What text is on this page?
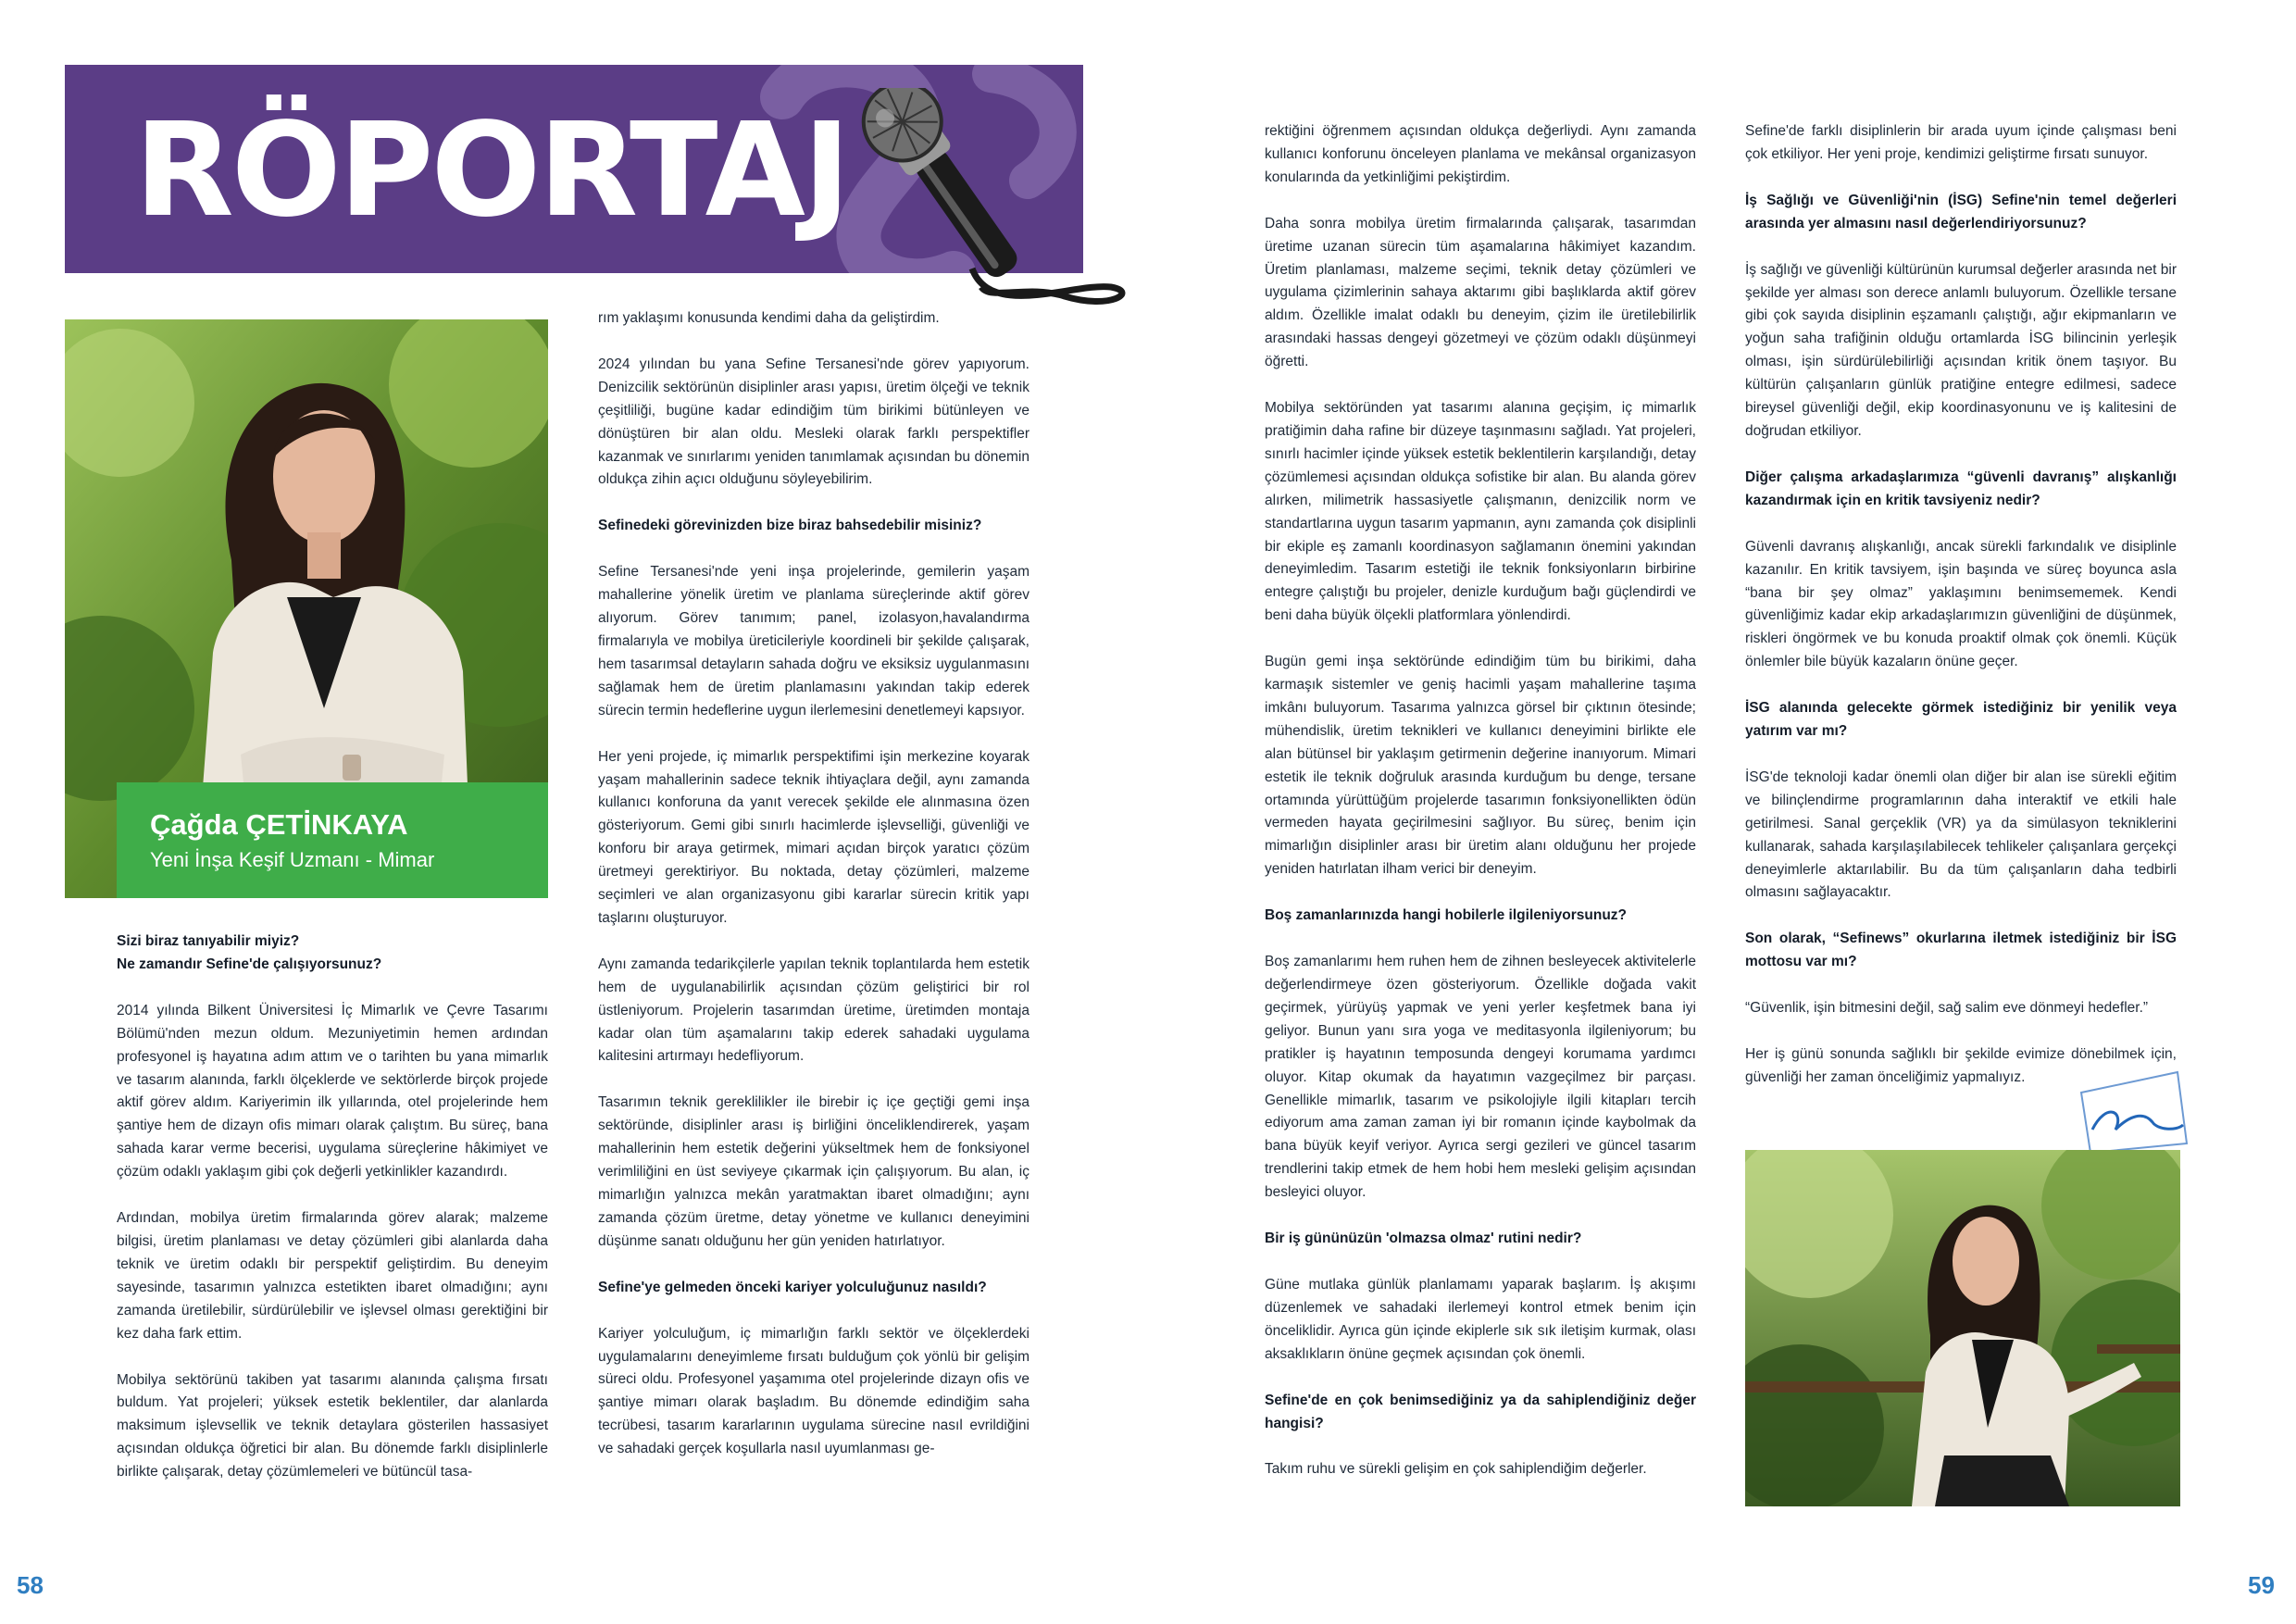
RÖPORTAJ
Çağda ÇETİNKAYA
Yeni İnşa Keşif Uzmanı - Mimar

Sizi biraz tanıyabilir miyiz?
Ne zamandır Sefine'de çalışıyorsunuz?

2014 yılında Bilkent Üniversitesi İç Mimarlık ve Çevre Tasarımı Bölümü'nden mezun oldum. Mezuniyetimin hemen ardından profesyonel iş hayatına adım attım ve o tarihten bu yana mimarlık ve tasarım alanında, farklı ölçeklerde ve sektörlerde birçok projede aktif görev aldım. Kariyerimin ilk yıllarında, otel projelerinde hem şantiye hem de dizayn ofis mimarı olarak çalıştım. Bu süreç, bana sahada karar verme becerisi, uygulama süreçlerine hâkimiyet ve çözüm odaklı yaklaşım gibi çok değerli yetkinlikler kazandırdı.

Ardından, mobilya üretim firmalarında görev alarak; malzeme bilgisi, üretim planlaması ve detay çözümleri gibi alanlarda daha teknik ve üretim odaklı bir perspektif geliştirdim. Bu deneyim sayesinde, tasarımın yalnızca estetikten ibaret olmadığını; aynı zamanda üretilebilir, sürdürülebilir ve işlevsel olması gerektiğini bir kez daha fark ettim.

Mobilya sektörünü takiben yat tasarımı alanında çalışma fırsatı buldum. Yat projeleri; yüksek estetik beklentiler, dar alanlarda maksimum işlevsellik ve teknik detaylara gösterilen hassasiyet açısından oldukça öğretici bir alan. Bu dönemde farklı disiplinlerle birlikte çalışarak, detay çözümlemeleri ve bütüncül tasa-

rım yaklaşımı konusunda kendimi daha da geliştirdim.

2024 yılından bu yana Sefine Tersanesi'nde görev yapıyorum. Denizcilik sektörünün disiplinler arası yapısı, üretim ölçeği ve teknik çeşitliliği, bugüne kadar edindiğim tüm birikimi bütünleyen ve dönüştüren bir alan oldu. Mesleki olarak farklı perspektifler kazanmak ve sınırlarımı yeniden tanımlamak açısından bu dönemin oldukça zihin açıcı olduğunu söyleyebilirim.

Sefinedeki görevinizden bize biraz bahsedebilir misiniz?

Sefine Tersanesi'nde yeni inşa projelerinde, gemilerin yaşam mahallerine yönelik üretim ve planlama süreçlerinde aktif görev alıyorum. Görev tanımım; panel, izolasyon,havalandırma firmalarıyla ve mobilya üreticileriyle koordineli bir şekilde çalışarak, hem tasarımsal detayların sahada doğru ve eksiksiz uygulanmasını sağlamak hem de üretim planlamasını yakından takip ederek sürecin termin hedeflerine uygun ilerlemesini denetlemeyi kapsıyor.

Her yeni projede, iç mimarlık perspektifimi işin merkezine koyarak yaşam mahallerinin sadece teknik ihtiyaçlara değil, aynı zamanda kullanıcı konforuna da yanıt verecek şekilde ele alınmasına özen gösteriyorum. Gemi gibi sınırlı hacimlerde işlevselliği, güvenliği ve konforu bir araya getirmek, mimari açıdan birçok yaratıcı çözüm üretmeyi gerektiriyor. Bu noktada, detay çözümleri, malzeme seçimleri ve alan organizasyonu gibi kararlar sürecin kritik yapı taşlarını oluşturuyor.

Aynı zamanda tedarikçilerle yapılan teknik toplantılarda hem estetik hem de uygulanabilirlik açısından çözüm geliştirici bir rol üstleniyorum. Projelerin tasarımdan üretime, üretimden montaja kadar olan tüm aşamalarını takip ederek sahadaki uygulama kalitesini artırmayı hedefliyorum.

Tasarımın teknik gereklilikler ile birebir iç içe geçtiği gemi inşa sektöründe, disiplinler arası iş birliğini önceliklendirerek, yaşam mahallerinin hem estetik değerini yükseltmek hem de fonksiyonel verimliliğini en üst seviyeye çıkarmak için çalışıyorum. Bu alan, iç mimarlığın yalnızca mekân yaratmaktan ibaret olmadığını; aynı zamanda çözüm üretme, detay yönetme ve kullanıcı deneyimini düşünme sanatı olduğunu her gün yeniden hatırlatıyor.

Sefine'ye gelmeden önceki kariyer yolculuğunuz nasıldı?

Kariyer yolculuğum, iç mimarlığın farklı sektör ve ölçeklerdeki uygulamalarını deneyimleme fırsatı bulduğum çok yönlü bir gelişim süreci oldu. Profesyonel yaşamıma otel projelerinde dizayn ofis ve şantiye mimarı olarak başladım. Bu dönemde edindiğim saha tecrübesi, tasarım kararlarının uygulama sürecine nasıl evrildiğini ve sahadaki gerçek koşullarla nasıl uyumlanması ge-

rektiğini öğrenmem açısından oldukça değerliydi. Aynı zamanda kullanıcı konforunu önceleyen planlama ve mekânsal organizasyon konularında da yetkinliğimi pekiştirdim.

Daha sonra mobilya üretim firmalarında çalışarak, tasarımdan üretime uzanan sürecin tüm aşamalarına hâkimiyet kazandım. Üretim planlaması, malzeme seçimi, teknik detay çözümleri ve uygulama çizimlerinin sahaya aktarımı gibi başlıklarda aktif görev aldım. Özellikle imalat odaklı bu deneyim, çizim ile üretilebilirlik arasındaki hassas dengeyi gözetmeyi ve çözüm odaklı düşünmeyi öğretti.

Mobilya sektöründen yat tasarımı alanına geçişim, iç mimarlık pratiğimin daha rafine bir düzeye taşınmasını sağladı. Yat projeleri, sınırlı hacimler içinde yüksek estetik beklentilerin karşılandığı, detay çözümlemesi açısından oldukça sofistike bir alan. Bu alanda görev alırken, milimetrik hassasiyetle çalışmanın, denizcilik norm ve standartlarına uygun tasarım yapmanın, aynı zamanda çok disiplinli bir ekiple eş zamanlı koordinasyon sağlamanın önemini yakından deneyimledim. Tasarım estetiği ile teknik fonksiyonların birbirine entegre çalıştığı bu projeler, denizle kurduğum bağı güçlendirdi ve beni daha büyük ölçekli platformlara yönlendirdi.

Bugün gemi inşa sektöründe edindiğim tüm bu birikimi, daha karmaşık sistemler ve geniş hacimli yaşam mahallerine taşıma imkânı buluyorum. Tasarıma yalnızca görsel bir çıktının ötesinde; mühendislik, üretim teknikleri ve kullanıcı deneyimini birlikte ele alan bütünsel bir yaklaşım getirmenin değerine inanıyorum. Mimari estetik ile teknik doğruluk arasında kurduğum bu denge, tersane ortamında yürüttüğüm projelerde tasarımın fonksiyonellikten ödün vermeden hayata geçirilmesini sağlıyor. Bu süreç, benim için mimarlığın disiplinler arası bir üretim alanı olduğunu her projede yeniden hatırlatan ilham verici bir deneyim.

Boş zamanlarınızda hangi hobilerle ilgileniyorsunuz?

Boş zamanlarımı hem ruhen hem de zihnen besleyecek aktivitelerle değerlendirmeye özen gösteriyorum. Özellikle doğada vakit geçirmek, yürüyüş yapmak ve yeni yerler keşfetmek bana iyi geliyor. Bunun yanı sıra yoga ve meditasyonla ilgileniyorum; bu pratikler iş hayatının temposunda dengeyi korumama yardımcı oluyor. Kitap okumak da hayatımın vazgeçilmez bir parçası. Genellikle mimarlık, tasarım ve psikolojiyle ilgili kitapları tercih ediyorum ama zaman zaman iyi bir romanın içinde kaybolmak da bana büyük keyif veriyor. Ayrıca sergi gezileri ve güncel tasarım trendlerini takip etmek de hem hobi hem mesleki gelişim açısından besleyici oluyor.

Bir iş gününüzün 'olmazsa olmaz' rutini nedir?

Güne mutlaka günlük planlamamı yaparak başlarım. İş akışımı düzenlemek ve sahadaki ilerlemeyi kontrol etmek benim için önceliklidir. Ayrıca gün içinde ekiplerle sık sık iletişim kurmak, olası aksaklıkların önüne geçmek açısından çok önemli.

Sefine'de en çok benimsediğiniz ya da sahiplendiğiniz değer hangisi?

Takım ruhu ve sürekli gelişim en çok sahiplendiğim değerler.

Sefine'de farklı disiplinlerin bir arada uyum içinde çalışması beni çok etkiliyor. Her yeni proje, kendimizi geliştirme fırsatı sunuyor.

İş Sağlığı ve Güvenliği'nin (İSG) Sefine'nin temel değerleri arasında yer almasını nasıl değerlendiriyorsunuz?

İş sağlığı ve güvenliği kültürünün kurumsal değerler arasında net bir şekilde yer alması son derece anlamlı buluyorum. Özellikle tersane gibi çok sayıda disiplinin eşzamanlı çalıştığı, ağır ekipmanların ve yoğun saha trafiğinin olduğu ortamlarda İSG bilincinin yerleşik olması, işin sürdürülebilirliği açısından kritik önem taşıyor. Bu kültürün çalışanların günlük pratiğine entegre edilmesi, sadece bireysel güvenliği değil, ekip koordinasyonunu ve iş kalitesini de doğrudan etkiliyor.

Diğer çalışma arkadaşlarımıza “güvenli davranış” alışkanlığı kazandırmak için en kritik tavsiyeniz nedir?

Güvenli davranış alışkanlığı, ancak sürekli farkındalık ve disiplinle kazanılır. En kritik tavsiyem, işin başında ve süreç boyunca asla “bana bir şey olmaz” yaklaşımını benimsememek. Kendi güvenliğimiz kadar ekip arkadaşlarımızın güvenliğini de düşünmek, riskleri öngörmek ve bu konuda proaktif olmak çok önemli. Küçük önlemler bile büyük kazaların önüne geçer.

İSG alanında gelecekte görmek istediğiniz bir yenilik veya yatırım var mı?

İSG'de teknoloji kadar önemli olan diğer bir alan ise sürekli eğitim ve bilinçlendirme programlarının daha interaktif ve etkili hale getirilmesi. Sanal gerçeklik (VR) ya da simülasyon tekniklerini kullanarak, sahada karşılaşılabilecek tehlikeler çalışanlara gerçekçi deneyimlerle aktarılabilir. Bu da tüm çalışanların daha tedbirli olmasını sağlayacaktır.

Son olarak, “Sefinews” okurlarına iletmek istediğiniz bir İSG mottosu var mı?

“Güvenlik, işin bitmesini değil, sağ salim eve dönmeyi hedefler.”

Her iş günü sonunda sağlıklı bir şekilde evimize dönebilmek için, güvenliği her zaman önceliğimiz yapmalıyız.

58	59
